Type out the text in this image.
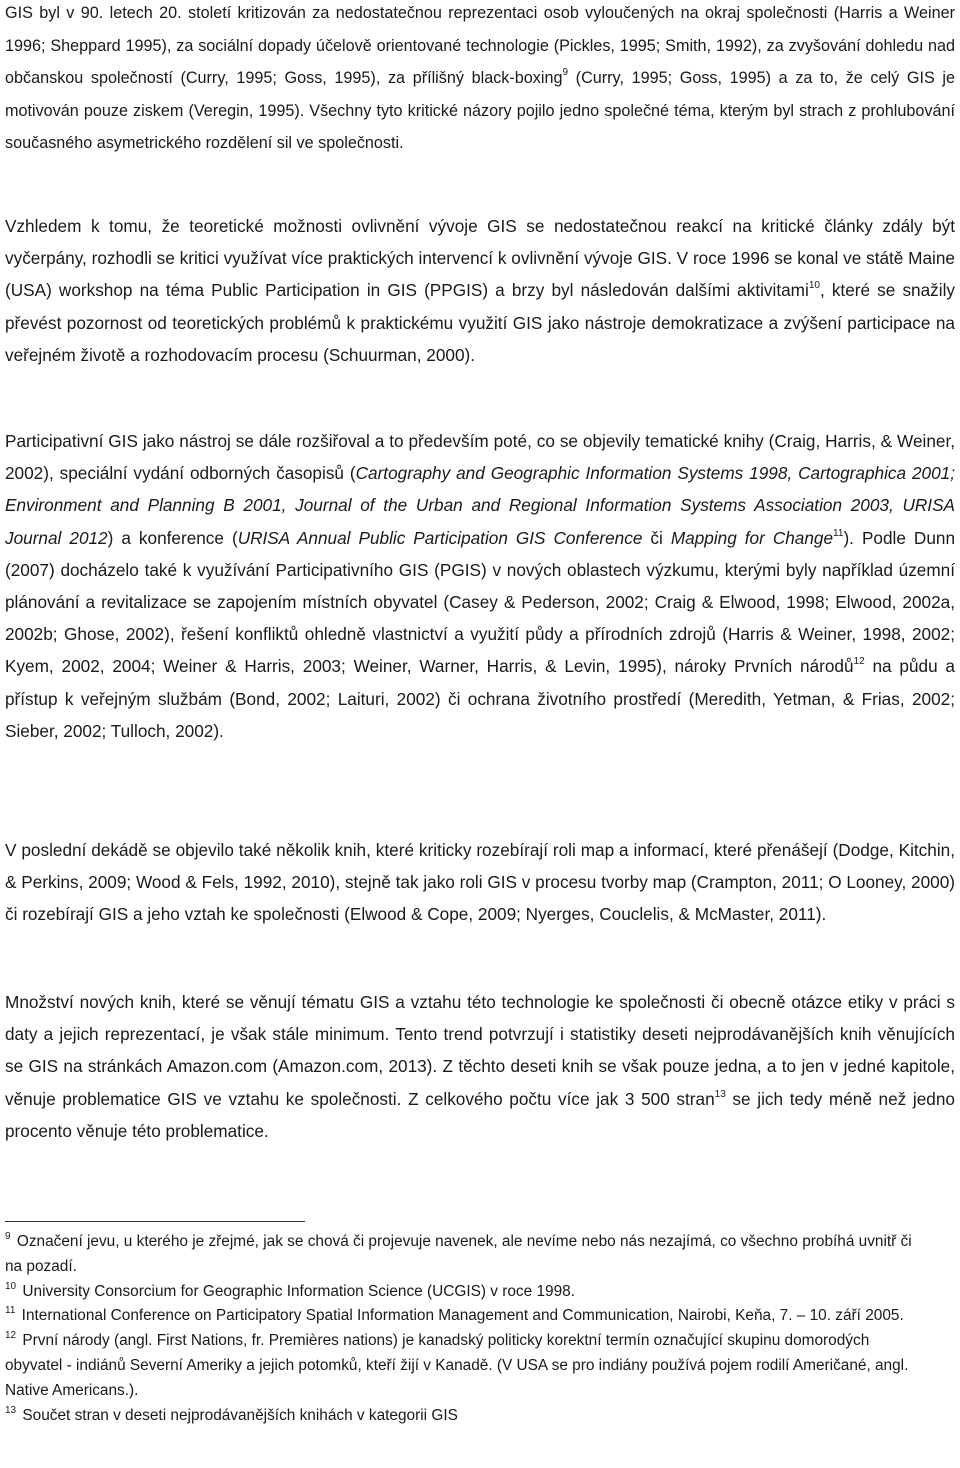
GIS byl v 90. letech 20. století kritizován za nedostatečnou reprezentaci osob vyloučených na okraj společnosti (Harris a Weiner 1996; Sheppard 1995), za sociální dopady účelově orientované technologie (Pickles, 1995; Smith, 1992), za zvyšování dohledu nad občanskou společností (Curry, 1995; Goss, 1995), za přílišný black-boxing$^9$ (Curry, 1995; Goss, 1995) a za to, že celý GIS je motivován pouze ziskem (Veregin, 1995). Všechny tyto kritické názory pojilo jedno společné téma, kterým byl strach z prohlubování současného asymetrického rozdělení sil ve společnosti.

Vzhledem k tomu, že teoretické možnosti ovlivnění vývoje GIS se nedostatečnou reakcí na kritické články zdály být vyčerpány, rozhodli se kritici využívat více praktických intervencí k ovlivnění vývoje GIS. V roce 1996 se konal ve státě Maine (USA) workshop na téma Public Participation in GIS (PPGIS) a brzy byl následován dalšími aktivitami$^{10}$, které se snažily převést pozornost od teoretických problémů k praktickému využití GIS jako nástroje demokratizace a zvýšení participace na veřejném životě a rozhodovacím procesu (Schuurman, 2000).

Participativní GIS jako nástroj se dále rozšiřoval a to především poté, co se objevily tematické knihy (Craig, Harris, & Weiner, 2002), speciální vydání odborných časopisů (Cartography and Geographic Information Systems 1998, Cartographica 2001; Environment and Planning B 2001, Journal of the Urban and Regional Information Systems Association 2003, URISA Journal 2012) a konference (URISA Annual Public Participation GIS Conference či Mapping for Change$^{11}$). Podle Dunn (2007) docházelo také k využívání Participativního GIS (PGIS) v nových oblastech výzkumu, kterými byly například územní plánování a revitalizace se zapojením místních obyvatel (Casey & Pederson, 2002; Craig & Elwood, 1998; Elwood, 2002a, 2002b; Ghose, 2002), řešení konfliktů ohledně vlastnictví a využití půdy a přírodních zdrojů (Harris & Weiner, 1998, 2002; Kyem, 2002, 2004; Weiner & Harris, 2003; Weiner, Warner, Harris, & Levin, 1995), nároky Prvních národů$^{12}$ na půdu a přístup k veřejným službám (Bond, 2002; Laituri, 2002) či ochrana životního prostředí (Meredith, Yetman, & Frias, 2002; Sieber, 2002; Tulloch, 2002).

V poslední dekádě se objevilo také několik knih, které kriticky rozebírají roli map a informací, které přenášejí (Dodge, Kitchin, & Perkins, 2009; Wood & Fels, 1992, 2010), stejně tak jako roli GIS v procesu tvorby map (Crampton, 2011; O Looney, 2000) či rozebírají GIS a jeho vztah ke společnosti (Elwood & Cope, 2009; Nyerges, Couclelis, & McMaster, 2011).

Množství nových knih, které se věnují tématu GIS a vztahu této technologie ke společnosti či obecně otázce etiky v práci s daty a jejich reprezentací, je však stále minimum. Tento trend potvrzují i statistiky deseti nejprodávanějších knih věnujících se GIS na stránkách Amazon.com (Amazon.com, 2013). Z těchto deseti knih se však pouze jedna, a to jen v jedné kapitole, věnuje problematice GIS ve vztahu ke společnosti. Z celkového počtu více jak 3 500 stran$^{13}$ se jich tedy méně než jedno procento věnuje této problematice.

$^9$ Označení jevu, u kterého je zřejmé, jak se chová či projevuje navenek, ale nevíme nebo nás nezajímá, co všechno probíhá uvnitř či na pozadí.

$^{10}$ University Consorcium for Geographic Information Science (UCGIS) v roce 1998.

$^{11}$ International Conference on Participatory Spatial Information Management and Communication, Nairobi, Keňa, 7. – 10. září 2005.

$^{12}$ První národy (angl. First Nations, fr. Premières nations) je kanadský politicky korektní termín označující skupinu domorodých obyvatel - indiánů Severní Ameriky a jejich potomků, kteří žijí v Kanadě. (V USA se pro indiány používá pojem rodilí Američané, angl. Native Americans.).

$^{13}$ Součet stran v deseti nejprodávanějších knihách v kategorii GIS
